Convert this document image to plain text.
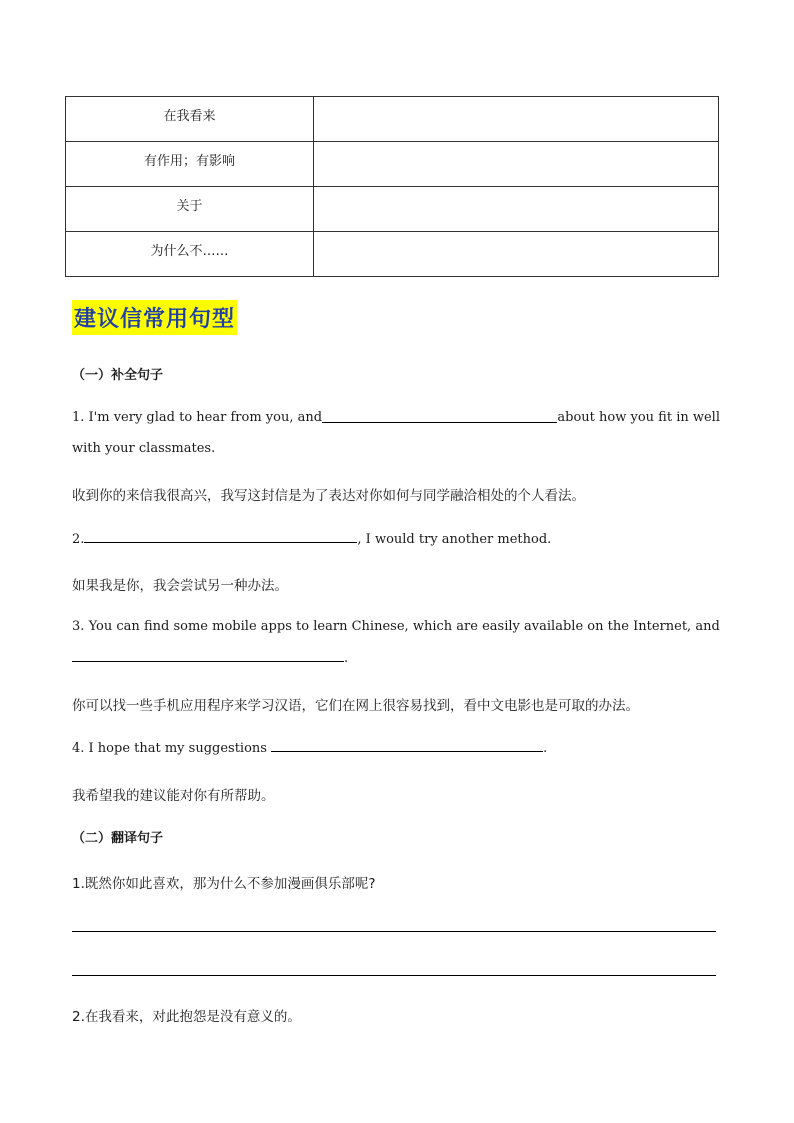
在我看来	
有作用；有影响	
关于	
为什么不……	
建议信常用句型
（一）补全句子
1. I'm very glad to hear from you, and	about how you fit in well
with your classmates.
收到你的来信我很高兴，我写这封信是为了表达对你如何与同学融洽相处的个人看法。
2.	, I would try another method.
如果我是你，我会尝试另一种办法。
3. You can find some mobile apps to learn Chinese, which are easily available on the Internet, and
.
你可以找一些手机应用程序来学习汉语，它们在网上很容易找到，看中文电影也是可取的办法。
4. I hope that my suggestions	.
我希望我的建议能对你有所帮助。
（二）翻译句子
1.既然你如此喜欢，那为什么不参加漫画俱乐部呢?
2.在我看来，对此抱怨是没有意义的。
